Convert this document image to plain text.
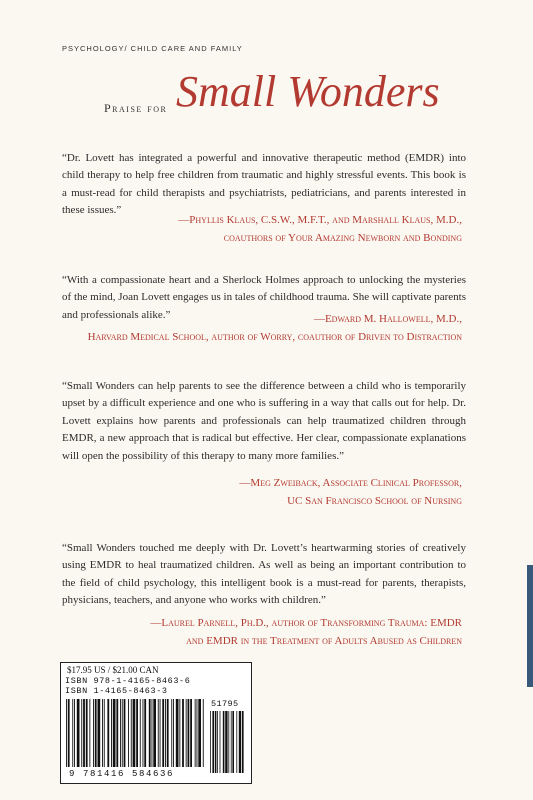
PSYCHOLOGY/ CHILD CARE AND FAMILY
Praise for Small Wonders

“Dr. Lovett has integrated a powerful and innovative therapeutic method (EMDR) into child therapy to help free children from traumatic and highly stressful events. This book is a must-read for child therapists and psychiatrists, pediatricians, and parents interested in these issues.”

—Phyllis Klaus, C.S.W., M.F.T., and Marshall Klaus, M.D.,
coauthors of Your Amazing Newborn and Bonding

“With a compassionate heart and a Sherlock Holmes approach to unlocking the mysteries of the mind, Joan Lovett engages us in tales of childhood trauma. She will captivate parents and professionals alike.”	—Edward M. Hallowell, M.D.,
Harvard Medical School, author of Worry, coauthor of Driven to Distraction

“Small Wonders can help parents to see the difference between a child who is temporarily upset by a difficult experience and one who is suffering in a way that calls out for help. Dr. Lovett explains how parents and professionals can help traumatized children through EMDR, a new approach that is radical but effective. Her clear, compassionate explanations will open the possibility of this therapy to many more families.”

—Meg Zweiback, Associate Clinical Professor,
UC San Francisco School of Nursing

“Small Wonders touched me deeply with Dr. Lovett’s heartwarming stories of creatively using EMDR to heal traumatized children. As well as being an important contribution to the field of child psychology, this intelligent book is a must-read for parents, therapists, physicians, teachers, and anyone who works with children.”

—Laurel Parnell, Ph.D., author of Transforming Trauma: EMDR
and EMDR in the Treatment of Adults Abused as Children
$17.95 US / $21.00 CAN
ISBN 978-1-4165-8463-6
ISBN 1-4165-8463-3
51795
9 781416 584636
